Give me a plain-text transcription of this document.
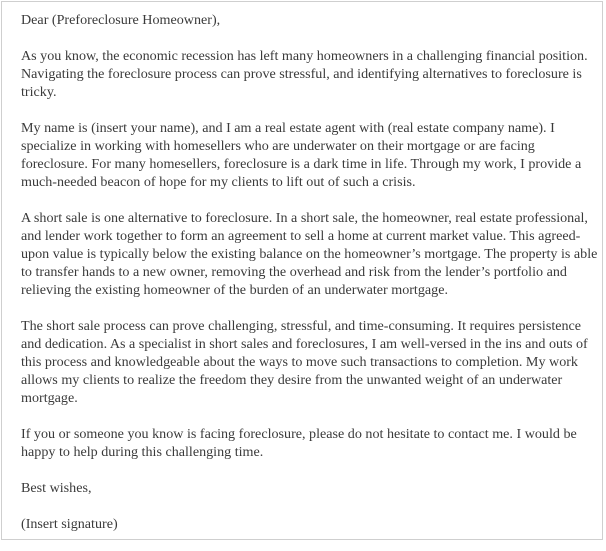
Dear (Preforeclosure Homeowner),

As you know, the economic recession has left many homeowners in a challenging financial position. Navigating the foreclosure process can prove stressful, and identifying alternatives to foreclosure is tricky.

My name is (insert your name), and I am a real estate agent with (real estate company name). I specialize in working with homesellers who are underwater on their mortgage or are facing foreclosure. For many homesellers, foreclosure is a dark time in life. Through my work, I provide a much-needed beacon of hope for my clients to lift out of such a crisis.

A short sale is one alternative to foreclosure. In a short sale, the homeowner, real estate professional, and lender work together to form an agreement to sell a home at current market value. This agreed-upon value is typically below the existing balance on the homeowner’s mortgage. The property is able to transfer hands to a new owner, removing the overhead and risk from the lender’s portfolio and relieving the existing homeowner of the burden of an underwater mortgage.

The short sale process can prove challenging, stressful, and time-consuming. It requires persistence and dedication. As a specialist in short sales and foreclosures, I am well-versed in the ins and outs of this process and knowledgeable about the ways to move such transactions to completion. My work allows my clients to realize the freedom they desire from the unwanted weight of an underwater mortgage.

If you or someone you know is facing foreclosure, please do not hesitate to contact me. I would be happy to help during this challenging time.

Best wishes,

(Insert signature)
